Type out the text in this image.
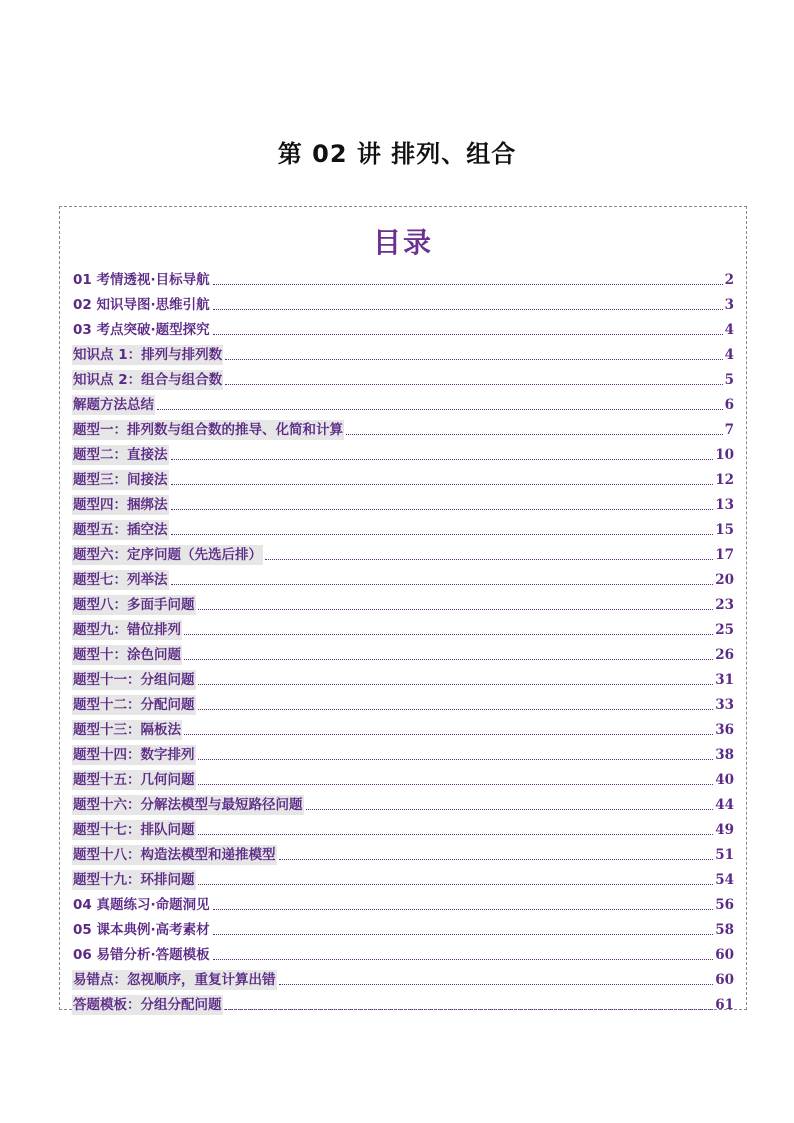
第 02 讲 排列、组合
目录
01 考情透视·目标导航	2
02 知识导图·思维引航	3
03 考点突破·题型探究	4
知识点 1：排列与排列数	4
知识点 2：组合与组合数	5
解题方法总结	6
题型一：排列数与组合数的推导、化简和计算	7
题型二：直接法	10
题型三：间接法	12
题型四：捆绑法	13
题型五：插空法	15
题型六：定序问题（先选后排）	17
题型七：列举法	20
题型八：多面手问题	23
题型九：错位排列	25
题型十：涂色问题	26
题型十一：分组问题	31
题型十二：分配问题	33
题型十三：隔板法	36
题型十四：数字排列	38
题型十五：几何问题	40
题型十六：分解法模型与最短路径问题	44
题型十七：排队问题	49
题型十八：构造法模型和递推模型	51
题型十九：环排问题	54
04 真题练习·命题洞见	56
05 课本典例·高考素材	58
06 易错分析·答题模板	60
易错点：忽视顺序，重复计算出错	60
答题模板：分组分配问题	61
